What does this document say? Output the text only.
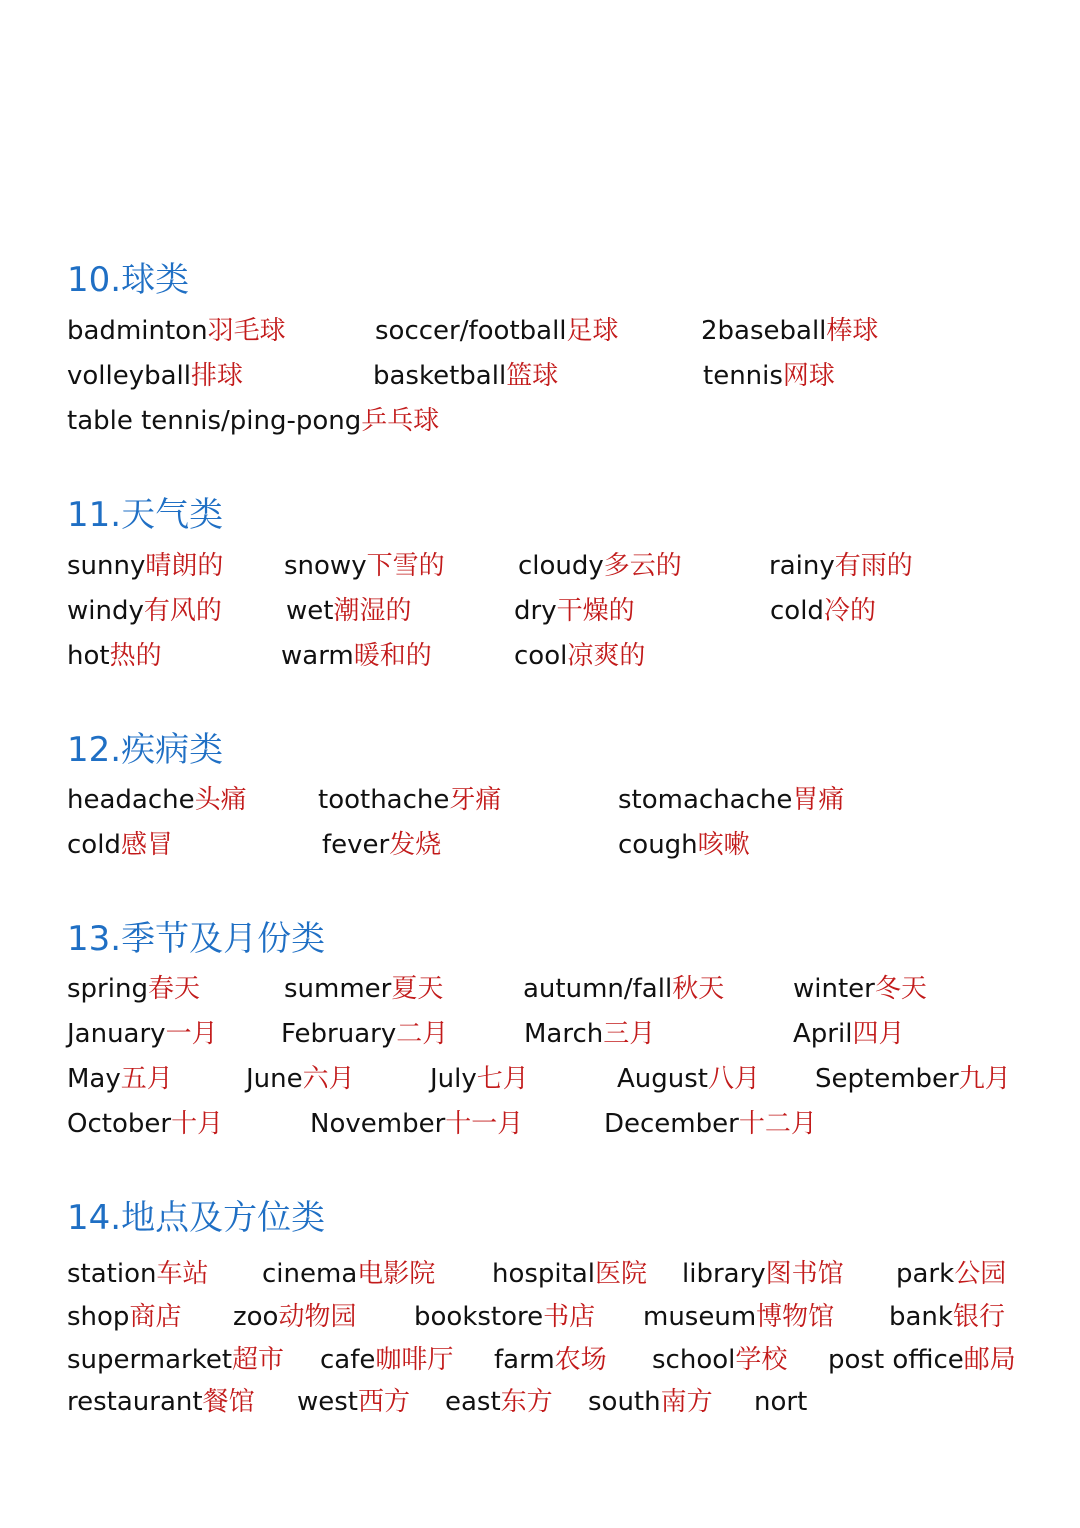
10.球类
badminton羽毛球	soccer/football足球	2baseball棒球
volleyball排球	basketball篮球	tennis网球
table tennis/ping-pong乒乓球
11.天气类
sunny晴朗的 snowy下雪的	cloudy多云的	rainy有雨的
windy有风的 wet潮湿的	dry干燥的	cold冷的
hot热的	warm暖和的	cool凉爽的
12.疾病类
headache头痛	toothache牙痛	stomachache胃痛
cold感冒	fever发烧	cough咳嗽
13.季节及月份类
spring春天	summer夏天	autumn/fall秋天	winter冬天
January一月 February二月	March三月	April四月
May五月	June六月	July七月	August八月 September九月
October十月	November十一月	December十二月
14.地点及方位类
station车站 cinema电影院 hospital医院 library图书馆 park公园
shop商店 zoo动物园 bookstore书店 museum博物馆 bank银行
supermarket超市 cafe咖啡厅 farm农场 school学校 post office邮局
restaurant餐馆 west西方 east东方 south南方 nort
